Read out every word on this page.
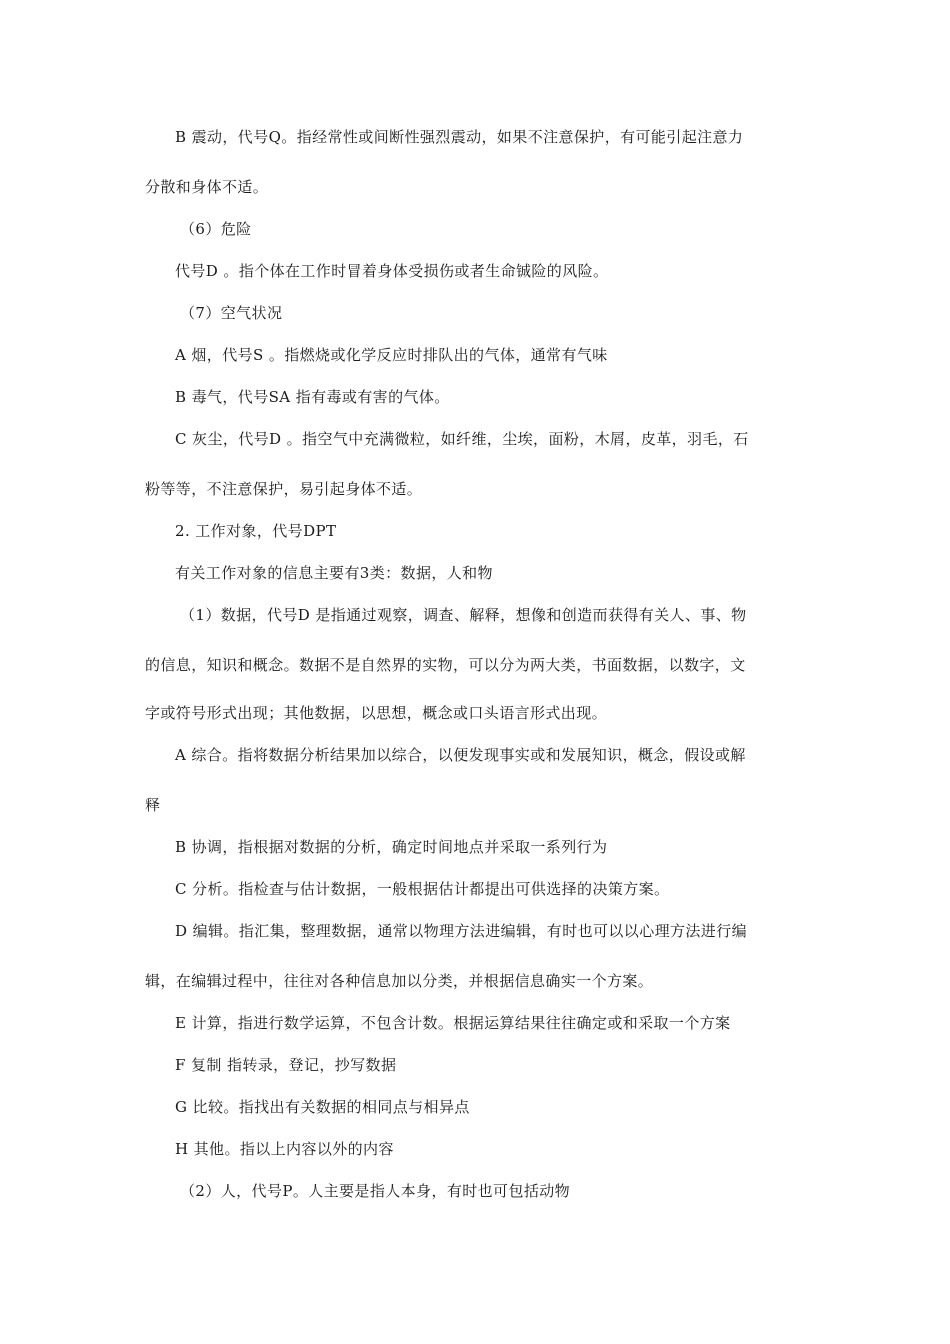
B 震动，代号Q。指经常性或间断性强烈震动，如果不注意保护，有可能引起注意力
分散和身体不适。
（6）危险
代号D 。指个体在工作时冒着身体受损伤或者生命铖险的风险。
（7）空气状况
A 烟，代号S 。指燃烧或化学反应时排队出的气体，通常有气味
B 毒气，代号SA 指有毒或有害的气体。
C 灰尘，代号D 。指空气中充满微粒，如纤维，尘埃，面粉，木屑，皮革，羽毛，石
粉等等，不注意保护，易引起身体不适。
2. 工作对象，代号DPT
有关工作对象的信息主要有3类：数据，人和物
（1）数据，代号D 是指通过观察，调查、解释，想像和创造而获得有关人、事、物
的信息，知识和概念。数据不是自然界的实物，可以分为两大类，书面数据，以数字，文
字或符号形式出现；其他数据，以思想，概念或口头语言形式出现。
A 综合。指将数据分析结果加以综合，以便发现事实或和发展知识，概念，假设或解
释
B 协调，指根据对数据的分析，确定时间地点并采取一系列行为
C 分析。指检查与估计数据，一般根据估计都提出可供选择的决策方案。
D 编辑。指汇集，整理数据，通常以物理方法进编辑，有时也可以以心理方法进行编
辑，在编辑过程中，往往对各种信息加以分类，并根据信息确实一个方案。
E 计算，指进行数学运算，不包含计数。根据运算结果往往确定或和采取一个方案
F 复制 指转录，登记，抄写数据
G 比较。指找出有关数据的相同点与相异点
H 其他。指以上内容以外的内容
（2）人，代号P。人主要是指人本身，有时也可包括动物
